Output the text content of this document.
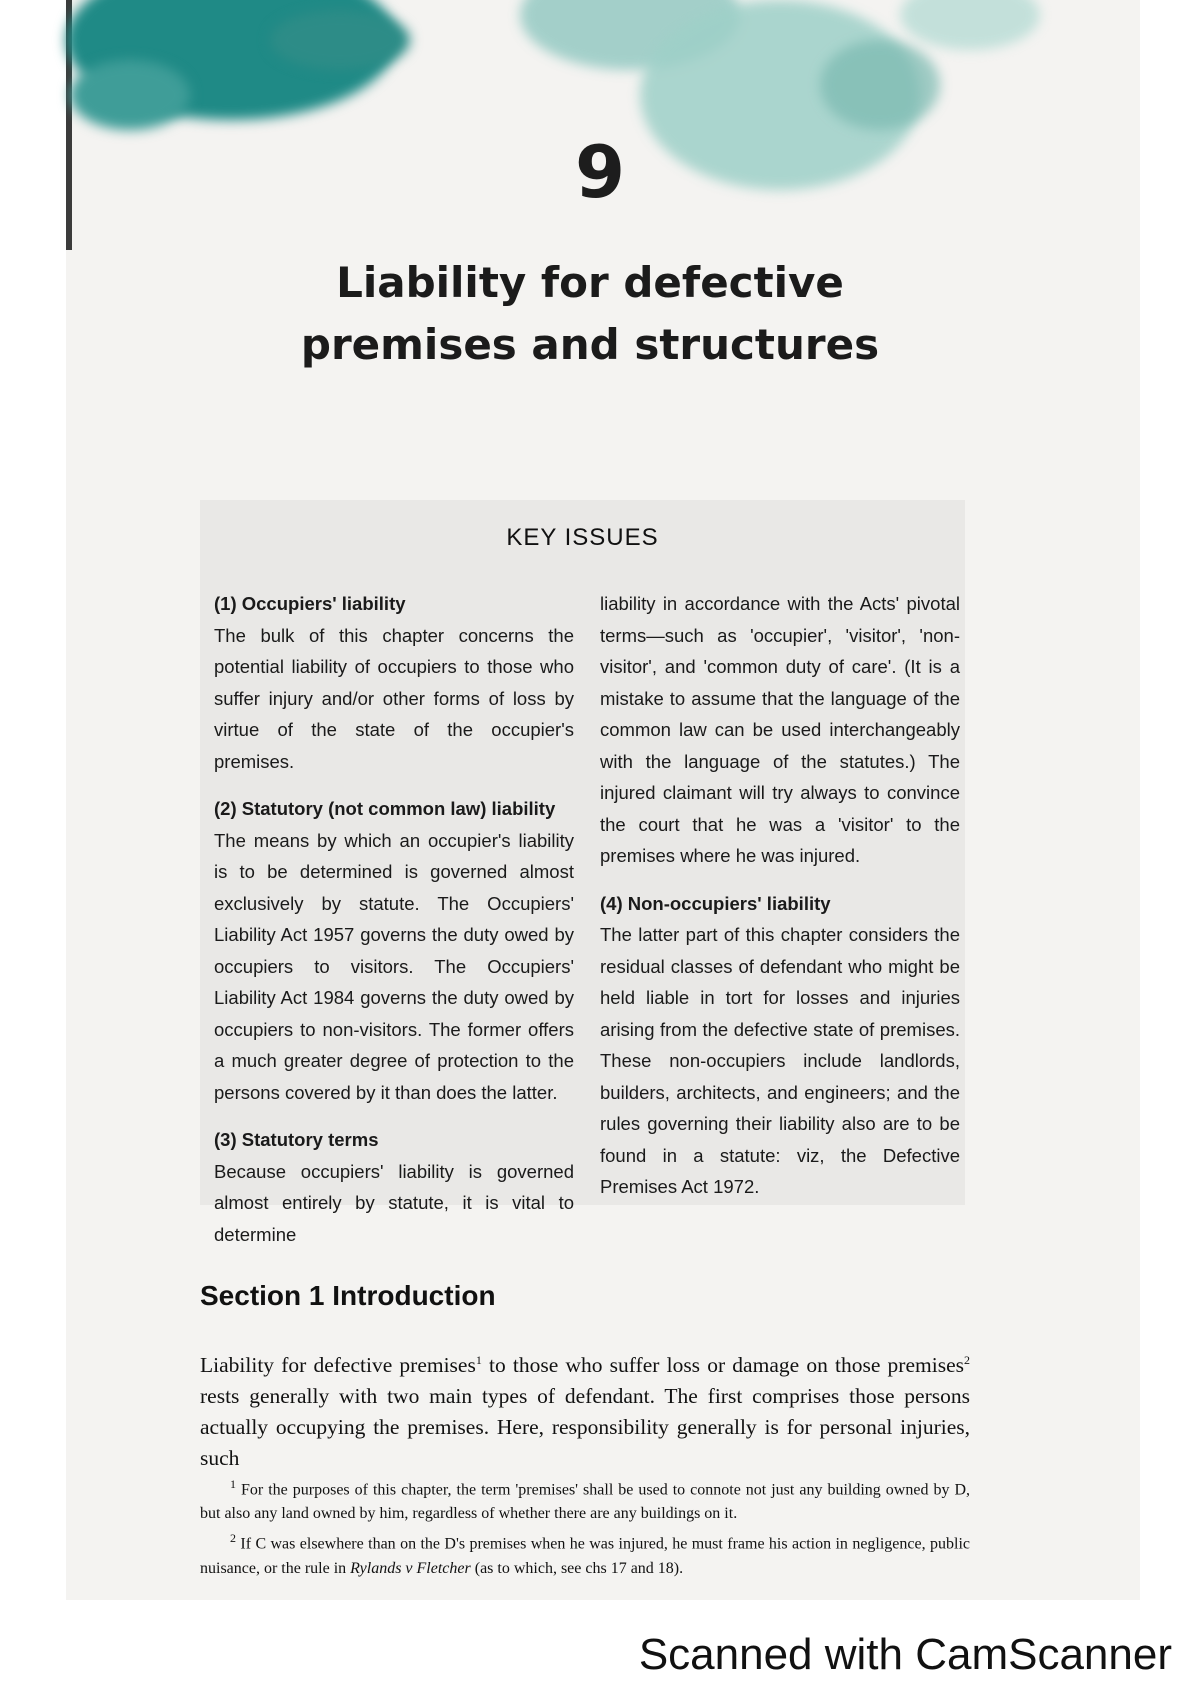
9
Liability for defective premises and structures
KEY ISSUES
(1) Occupiers' liability
The bulk of this chapter concerns the potential liability of occupiers to those who suffer injury and/or other forms of loss by virtue of the state of the occupier's premises.
(2) Statutory (not common law) liability
The means by which an occupier's liability is to be determined is governed almost exclusively by statute. The Occupiers' Liability Act 1957 governs the duty owed by occupiers to visitors. The Occupiers' Liability Act 1984 governs the duty owed by occupiers to non-visitors. The former offers a much greater degree of protection to the persons covered by it than does the latter.
(3) Statutory terms
Because occupiers' liability is governed almost entirely by statute, it is vital to determine
liability in accordance with the Acts' pivotal terms—such as 'occupier', 'visitor', 'non-visitor', and 'common duty of care'. (It is a mistake to assume that the language of the common law can be used interchangeably with the language of the statutes.) The injured claimant will try always to convince the court that he was a 'visitor' to the premises where he was injured.
(4) Non-occupiers' liability
The latter part of this chapter considers the residual classes of defendant who might be held liable in tort for losses and injuries arising from the defective state of premises. These non-occupiers include landlords, builders, architects, and engineers; and the rules governing their liability also are to be found in a statute: viz, the Defective Premises Act 1972.
Section 1 Introduction
Liability for defective premises$^1$ to those who suffer loss or damage on those premises$^2$ rests generally with two main types of defendant. The first comprises those persons actually occupying the premises. Here, responsibility generally is for personal injuries, such
$^1$ For the purposes of this chapter, the term 'premises' shall be used to connote not just any building owned by D, but also any land owned by him, regardless of whether there are any buildings on it.
$^2$ If C was elsewhere than on the D's premises when he was injured, he must frame his action in negligence, public nuisance, or the rule in Rylands v Fletcher (as to which, see chs 17 and 18).
Scanned with CamScanner
